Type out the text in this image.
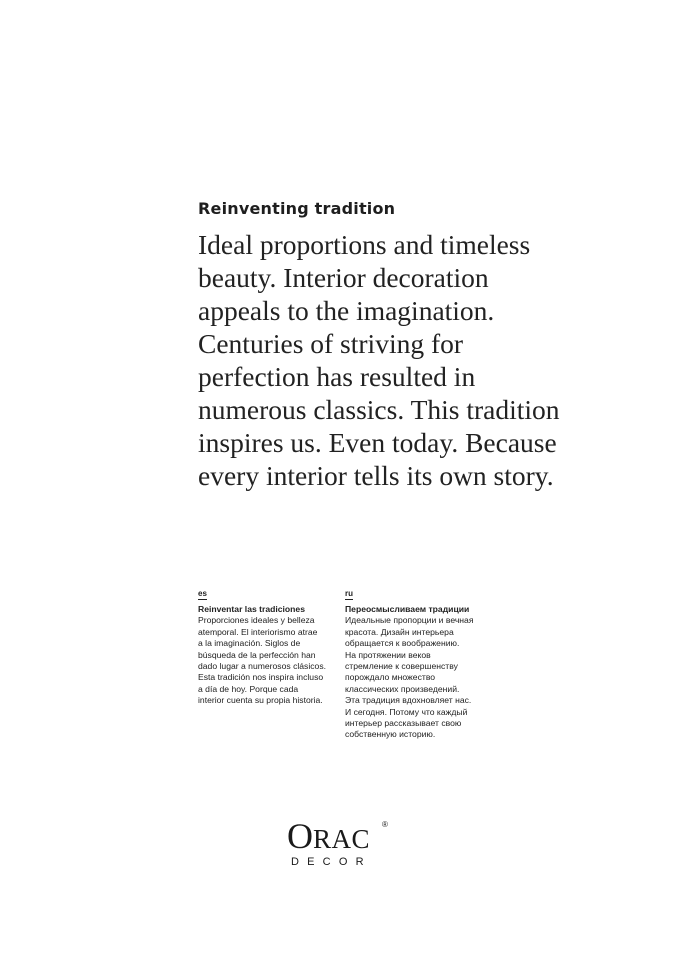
Reinventing tradition

Ideal proportions and timeless
beauty. Interior decoration
appeals to the imagination.
Centuries of striving for
perfection has resulted in
numerous classics. This tradition
inspires us. Even today. Because
every interior tells its own story.

es
Reinventar las tradiciones
Proporciones ideales y belleza
atemporal. El interiorismo atrae
a la imaginación. Siglos de
búsqueda de la perfección han
dado lugar a numerosos clásicos.
Esta tradición nos inspira incluso
a día de hoy. Porque cada
interior cuenta su propia historia.
ru
Переосмысливаем традиции
Идеальные пропорции и вечная
красота. Дизайн интерьера
обращается к воображению.
На протяжении веков
стремление к совершенству
порождало множество
классических произведений.
Эта традиция вдохновляет нас.
И сегодня. Потому что каждый
интерьер рассказывает свою
собственную историю.
ORAC ®
DECOR
